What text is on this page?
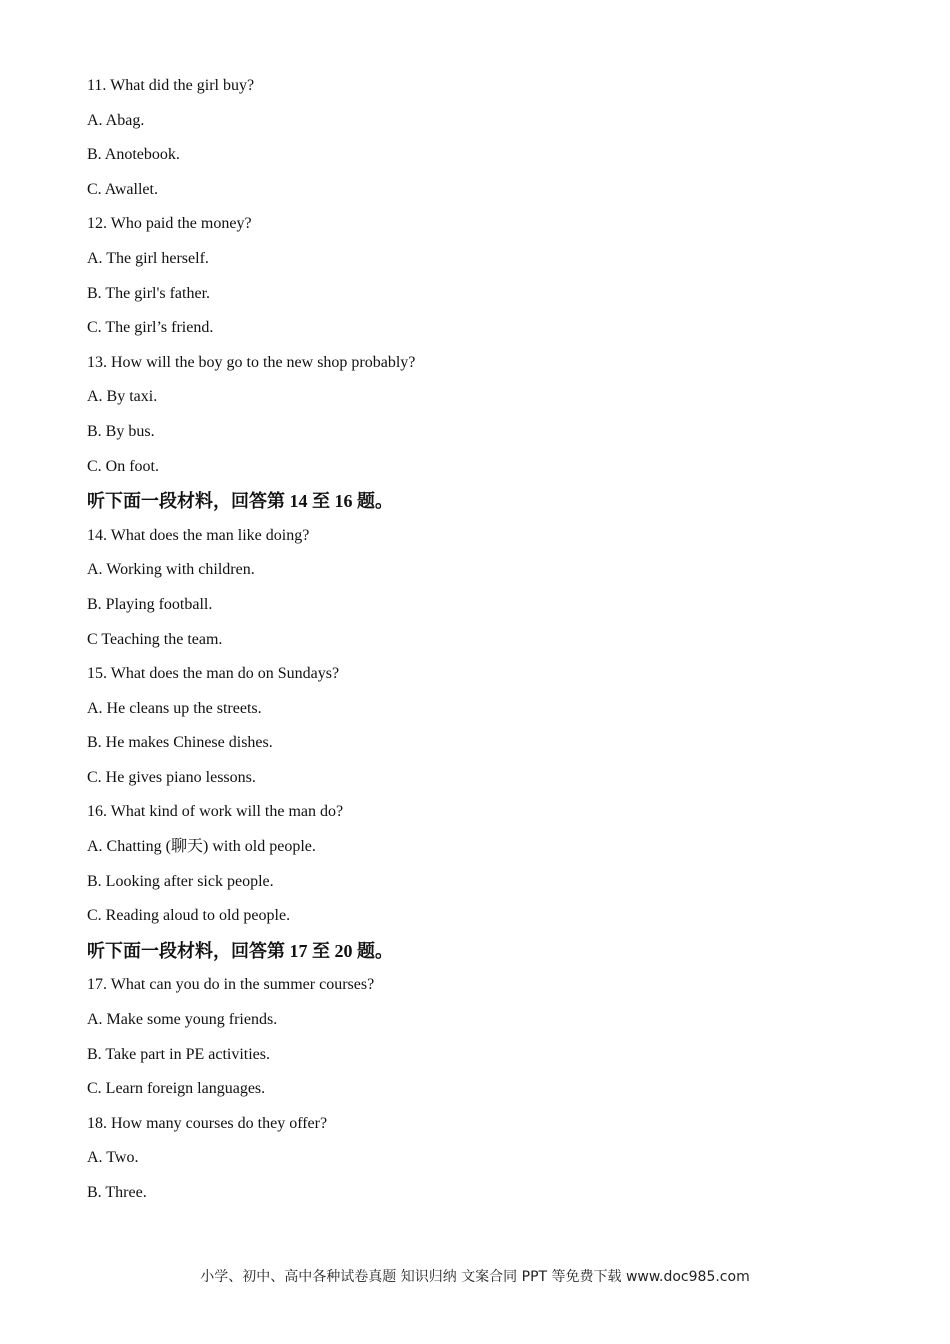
11. What did the girl buy?
A. Abag.
B. Anotebook.
C. Awallet.
12. Who paid the money?
A. The girl herself.
B. The girl's father.
C. The girl’s friend.
13. How will the boy go to the new shop probably?
A. By taxi.
B. By bus.
C. On foot.
听下面一段材料，回答第 14 至 16 题。
14. What does the man like doing?
A. Working with children.
B. Playing football.
C Teaching the team.
15. What does the man do on Sundays?
A. He cleans up the streets.
B. He makes Chinese dishes.
C. He gives piano lessons.
16. What kind of work will the man do?
A. Chatting (聊天) with old people.
B. Looking after sick people.
C. Reading aloud to old people.
听下面一段材料，回答第 17 至 20 题。
17. What can you do in the summer courses?
A. Make some young friends.
B. Take part in PE activities.
C. Learn foreign languages.
18. How many courses do they offer?
A. Two.
B. Three.
小学、初中、高中各种试卷真题 知识归纳 文案合同 PPT 等免费下载 www.doc985.com
